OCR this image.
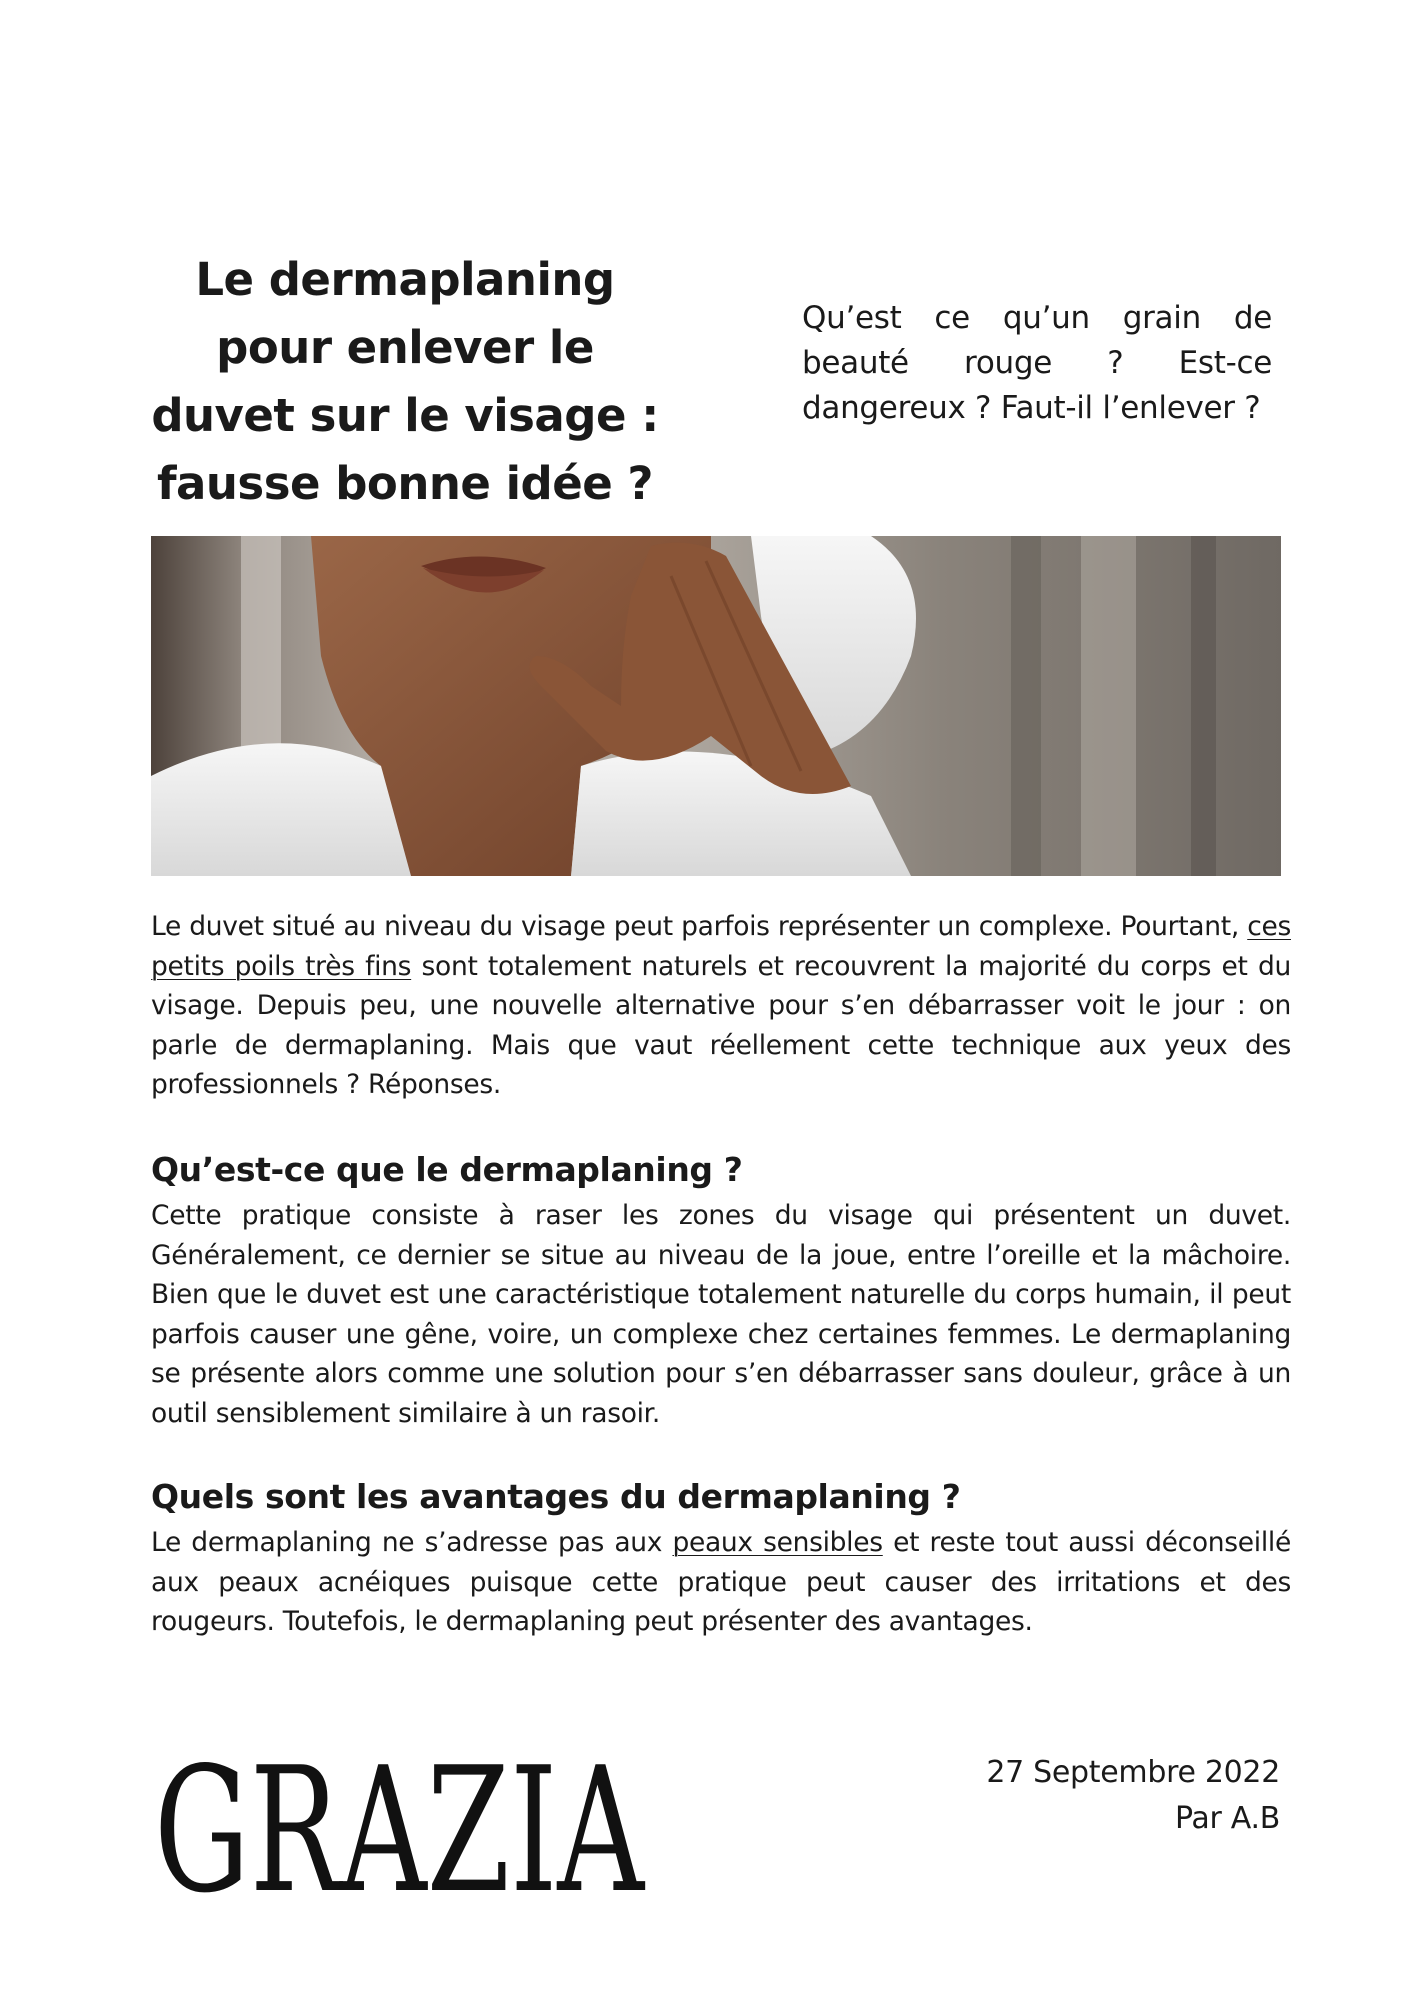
Le dermaplaning pour enlever le duvet sur le visage : fausse bonne idée ?

Qu’est ce qu’un grain de beauté rouge ? Est-ce dangereux ? Faut-il l’enlever ?

Le duvet situé au niveau du visage peut parfois représenter un complexe. Pourtant, ces petits poils très fins sont totalement naturels et recouvrent la majorité du corps et du visage. Depuis peu, une nouvelle alternative pour s’en débarrasser voit le jour : on parle de dermaplaning. Mais que vaut réellement cette technique aux yeux des professionnels ? Réponses.

Qu’est-ce que le dermaplaning ?

Cette pratique consiste à raser les zones du visage qui présentent un duvet. Généralement, ce dernier se situe au niveau de la joue, entre l’oreille et la mâchoire. Bien que le duvet est une caractéristique totalement naturelle du corps humain, il peut parfois causer une gêne, voire, un complexe chez certaines femmes. Le dermaplaning se présente alors comme une solution pour s’en débarrasser sans douleur, grâce à un outil sensiblement similaire à un rasoir.

Quels sont les avantages du dermaplaning ?

Le dermaplaning ne s’adresse pas aux peaux sensibles et reste tout aussi déconseillé aux peaux acnéiques puisque cette pratique peut causer des irritations et des rougeurs. Toutefois, le dermaplaning peut présenter des avantages.

GRAZIA	27 Septembre 2022
Par A.B
